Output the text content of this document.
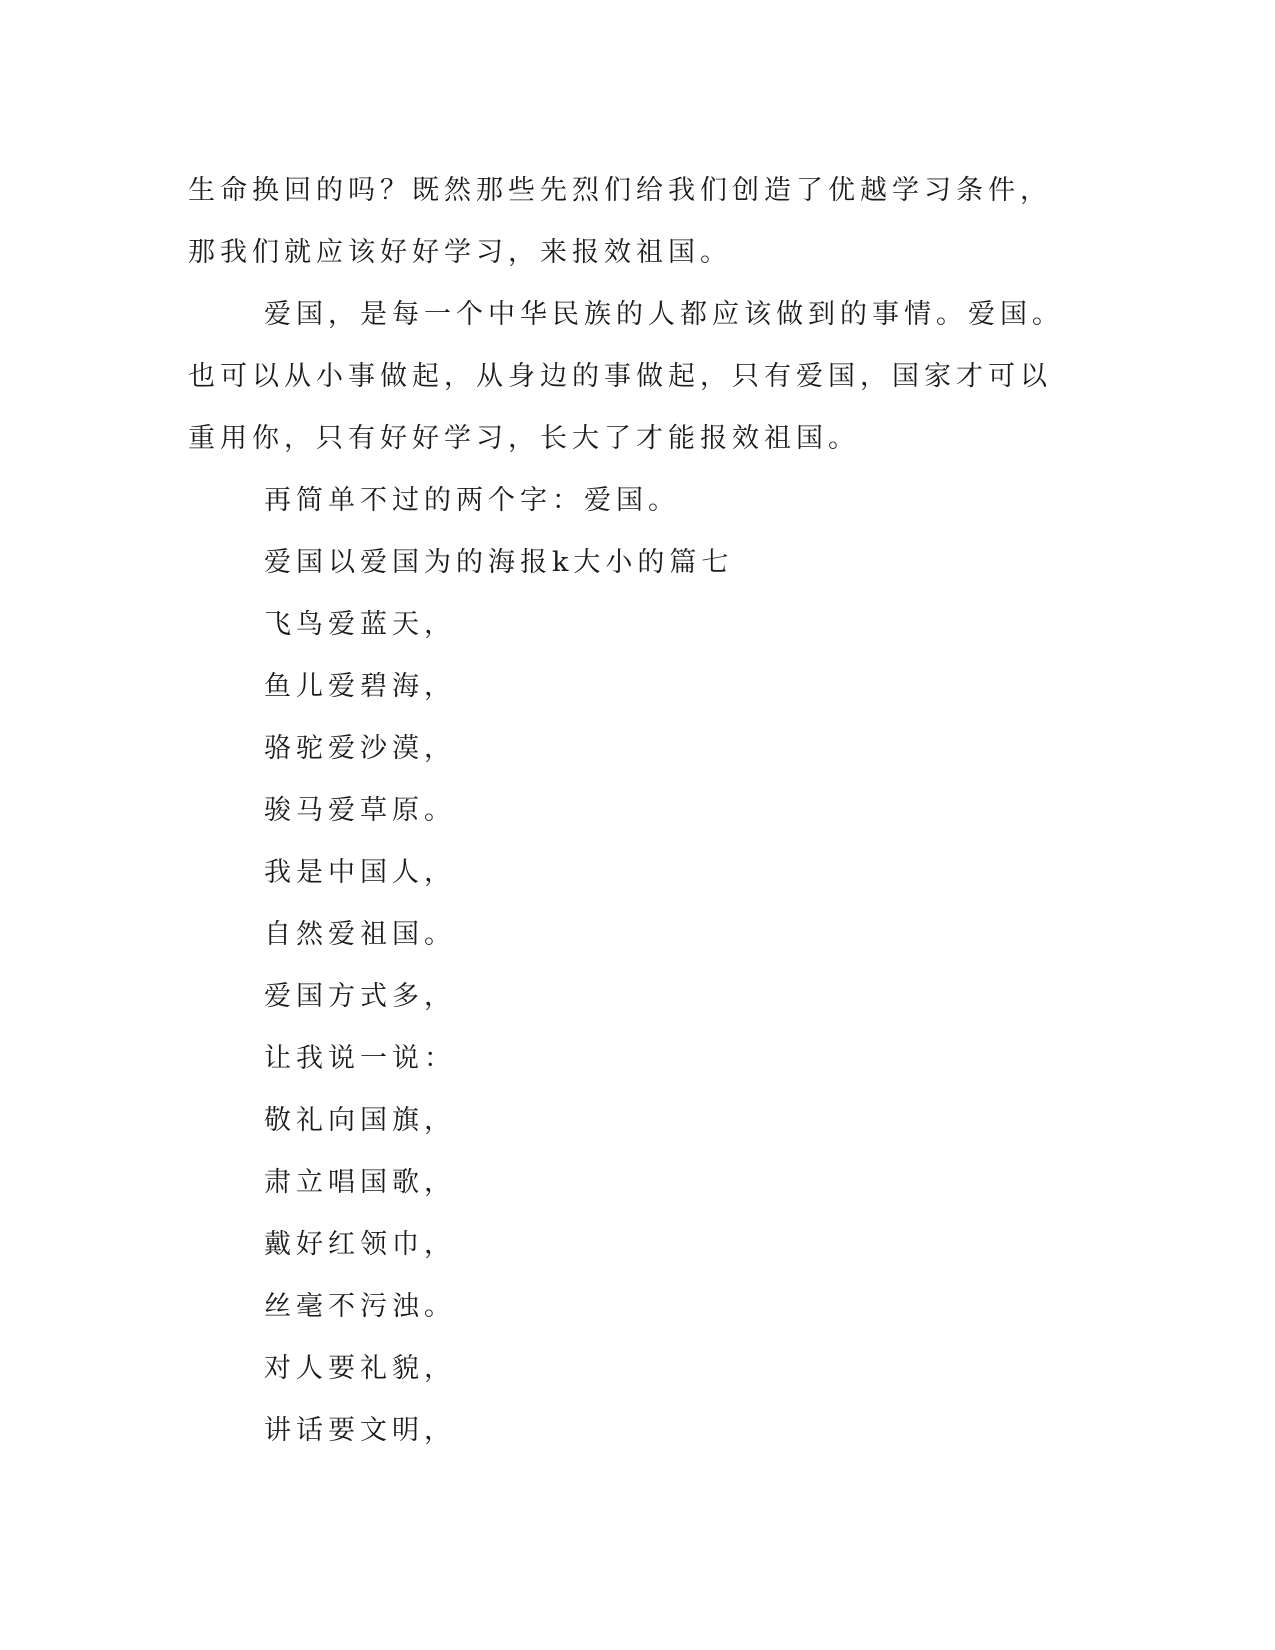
生命换回的吗？既然那些先烈们给我们创造了优越学习条件，那我们就应该好好学习，来报效祖国。

爱国，是每一个中华民族的人都应该做到的事情。爱国。也可以从小事做起，从身边的事做起，只有爱国，国家才可以重用你，只有好好学习，长大了才能报效祖国。

再简单不过的两个字：爱国。

爱国以爱国为的海报k大小的篇七

飞鸟爱蓝天，

鱼儿爱碧海，

骆驼爱沙漠，

骏马爱草原。

我是中国人，

自然爱祖国。

爱国方式多，

让我说一说：

敬礼向国旗，

肃立唱国歌，

戴好红领巾，

丝毫不污浊。

对人要礼貌，

讲话要文明，
